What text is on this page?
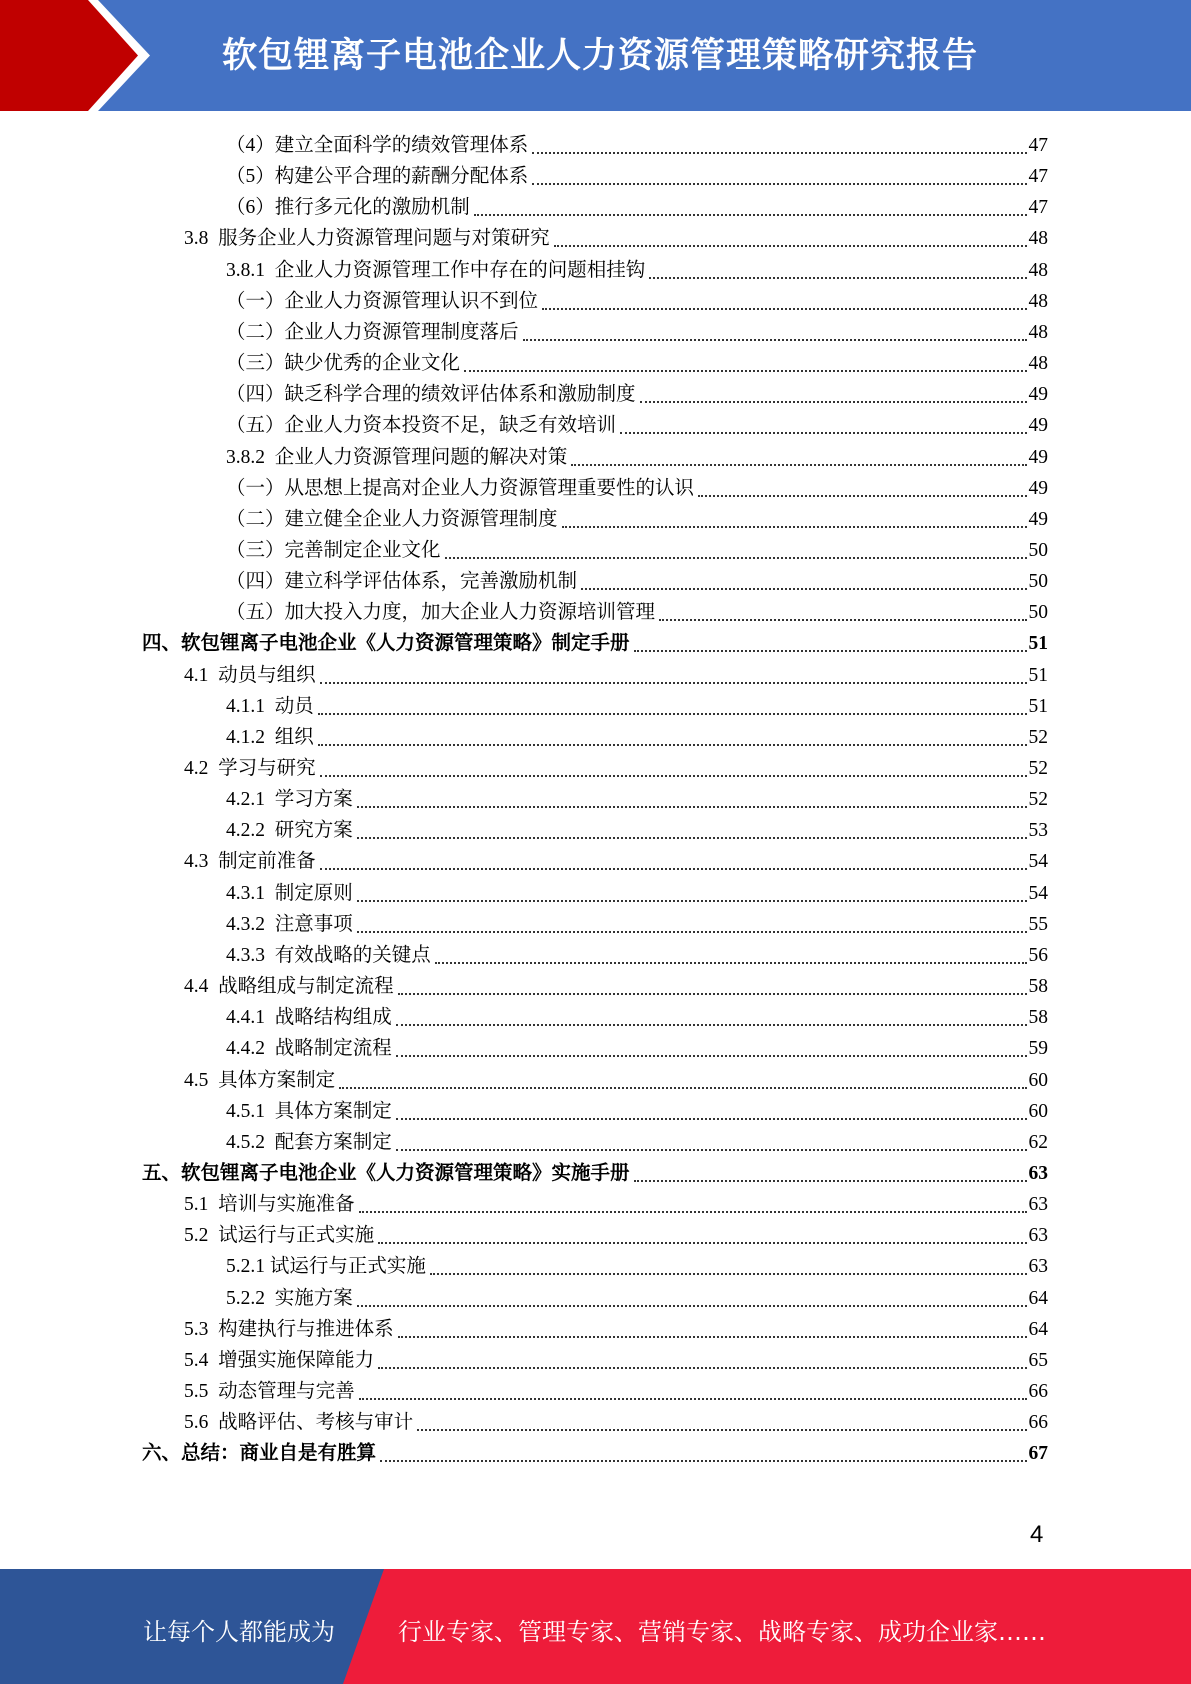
软包锂离子电池企业人力资源管理策略研究报告
（4）建立全面科学的绩效管理体系	47
（5）构建公平合理的薪酬分配体系	47
（6）推行多元化的激励机制	47
3.8 服务企业人力资源管理问题与对策研究	48
3.8.1 企业人力资源管理工作中存在的问题相挂钩	48
（一）企业人力资源管理认识不到位	48
（二）企业人力资源管理制度落后	48
（三）缺少优秀的企业文化	48
（四）缺乏科学合理的绩效评估体系和激励制度	49
（五）企业人力资本投资不足，缺乏有效培训	49
3.8.2 企业人力资源管理问题的解决对策	49
（一）从思想上提高对企业人力资源管理重要性的认识	49
（二）建立健全企业人力资源管理制度	49
（三）完善制定企业文化	50
（四）建立科学评估体系，完善激励机制	50
（五）加大投入力度，加大企业人力资源培训管理	50
四、软包锂离子电池企业《人力资源管理策略》制定手册	51
4.1 动员与组织	51
4.1.1 动员	51
4.1.2 组织	52
4.2 学习与研究	52
4.2.1 学习方案	52
4.2.2 研究方案	53
4.3 制定前准备	54
4.3.1 制定原则	54
4.3.2 注意事项	55
4.3.3 有效战略的关键点	56
4.4 战略组成与制定流程	58
4.4.1 战略结构组成	58
4.4.2 战略制定流程	59
4.5 具体方案制定	60
4.5.1 具体方案制定	60
4.5.2 配套方案制定	62
五、软包锂离子电池企业《人力资源管理策略》实施手册	63
5.1 培训与实施准备	63
5.2 试运行与正式实施	63
5.2.1 试运行与正式实施	63
5.2.2 实施方案	64
5.3 构建执行与推进体系	64
5.4 增强实施保障能力	65
5.5 动态管理与完善	66
5.6 战略评估、考核与审计	66
六、总结：商业自是有胜算	67
4
让每个人都能成为	行业专家、管理专家、营销专家、战略专家、成功企业家……
